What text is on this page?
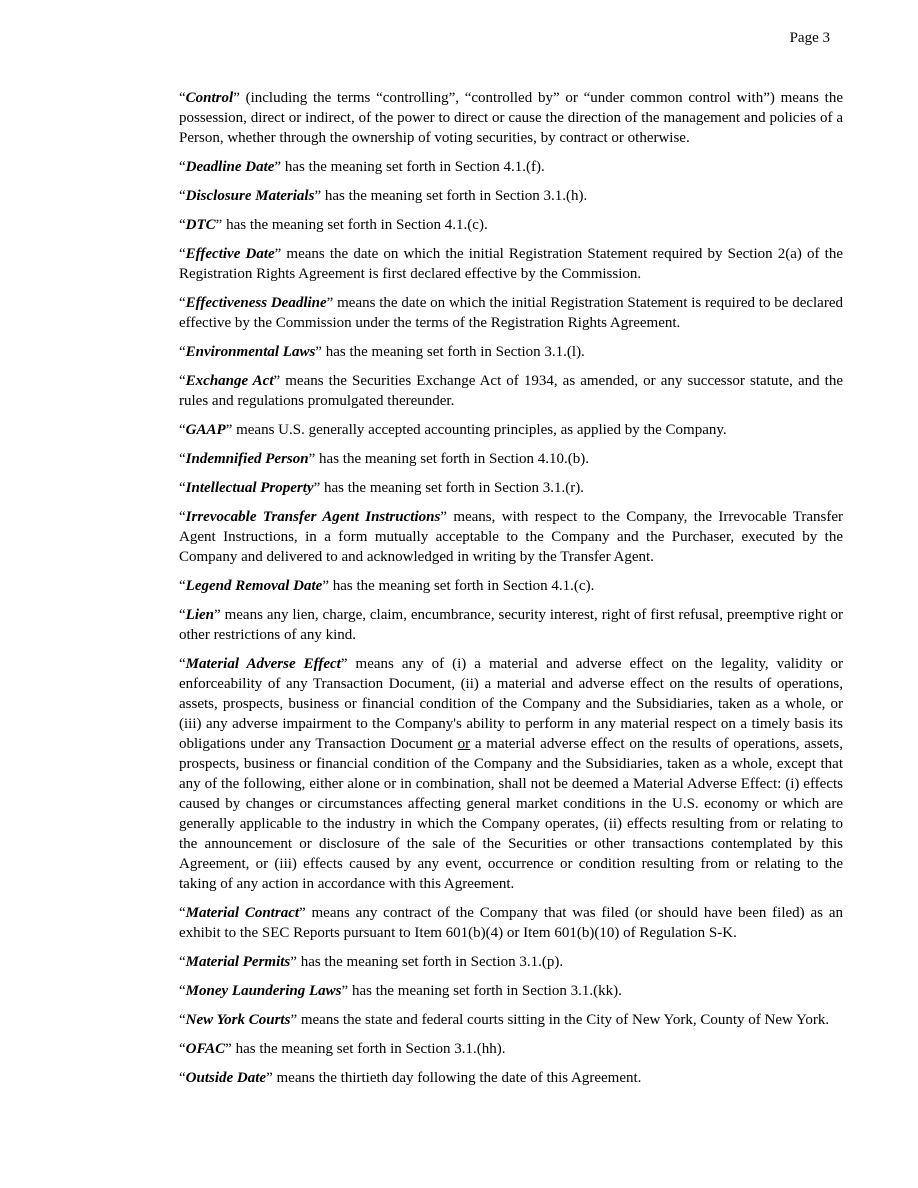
Page 3

“Control” (including the terms “controlling”, “controlled by” or “under common control with”) means the possession, direct or indirect, of the power to direct or cause the direction of the management and policies of a Person, whether through the ownership of voting securities, by contract or otherwise.

“Deadline Date” has the meaning set forth in Section 4.1.(f).

“Disclosure Materials” has the meaning set forth in Section 3.1.(h).

“DTC” has the meaning set forth in Section 4.1.(c).

“Effective Date” means the date on which the initial Registration Statement required by Section 2(a) of the Registration Rights Agreement is first declared effective by the Commission.

“Effectiveness Deadline” means the date on which the initial Registration Statement is required to be declared effective by the Commission under the terms of the Registration Rights Agreement.

“Environmental Laws” has the meaning set forth in Section 3.1.(l).

“Exchange Act” means the Securities Exchange Act of 1934, as amended, or any successor statute, and the rules and regulations promulgated thereunder.

“GAAP” means U.S. generally accepted accounting principles, as applied by the Company.

“Indemnified Person” has the meaning set forth in Section 4.10.(b).

“Intellectual Property” has the meaning set forth in Section 3.1.(r).

“Irrevocable Transfer Agent Instructions” means, with respect to the Company, the Irrevocable Transfer Agent Instructions, in a form mutually acceptable to the Company and the Purchaser, executed by the Company and delivered to and acknowledged in writing by the Transfer Agent.

“Legend Removal Date” has the meaning set forth in Section 4.1.(c).

“Lien” means any lien, charge, claim, encumbrance, security interest, right of first refusal, preemptive right or other restrictions of any kind.

“Material Adverse Effect” means any of (i) a material and adverse effect on the legality, validity or enforceability of any Transaction Document, (ii) a material and adverse effect on the results of operations, assets, prospects, business or financial condition of the Company and the Subsidiaries, taken as a whole, or (iii) any adverse impairment to the Company's ability to perform in any material respect on a timely basis its obligations under any Transaction Document or a material adverse effect on the results of operations, assets, prospects, business or financial condition of the Company and the Subsidiaries, taken as a whole, except that any of the following, either alone or in combination, shall not be deemed a Material Adverse Effect: (i) effects caused by changes or circumstances affecting general market conditions in the U.S. economy or which are generally applicable to the industry in which the Company operates, (ii) effects resulting from or relating to the announcement or disclosure of the sale of the Securities or other transactions contemplated by this Agreement, or (iii) effects caused by any event, occurrence or condition resulting from or relating to the taking of any action in accordance with this Agreement.

“Material Contract” means any contract of the Company that was filed (or should have been filed) as an exhibit to the SEC Reports pursuant to Item 601(b)(4) or Item 601(b)(10) of Regulation S-K.

“Material Permits” has the meaning set forth in Section 3.1.(p).

“Money Laundering Laws” has the meaning set forth in Section 3.1.(kk).

“New York Courts” means the state and federal courts sitting in the City of New York, County of New York.

“OFAC” has the meaning set forth in Section 3.1.(hh).

“Outside Date” means the thirtieth day following the date of this Agreement.
